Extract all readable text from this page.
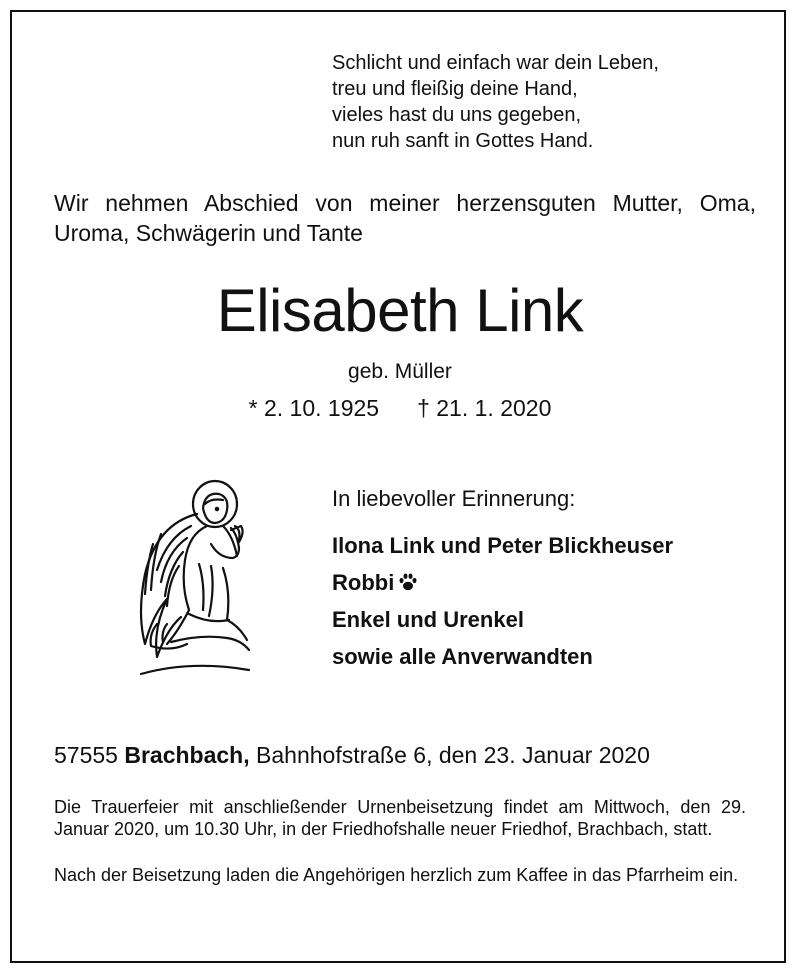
Schlicht und einfach war dein Leben,
treu und fleißig deine Hand,
vieles hast du uns gegeben,
nun ruh sanft in Gottes Hand.
Wir nehmen Abschied von meiner herzensguten Mutter, Oma, Uroma, Schwägerin und Tante
Elisabeth Link
geb. Müller
* 2. 10. 1925 † 21. 1. 2020
In liebevoller Erinnerung:
Ilona Link und Peter Blickheuser
Robbi
Enkel und Urenkel
sowie alle Anverwandten
57555 Brachbach, Bahnhofstraße 6, den 23. Januar 2020
Die Trauerfeier mit anschließender Urnenbeisetzung findet am Mittwoch, den 29. Januar 2020, um 10.30 Uhr, in der Friedhofshalle neuer Friedhof, Brachbach, statt.
Nach der Beisetzung laden die Angehörigen herzlich zum Kaffee in das Pfarrheim ein.
